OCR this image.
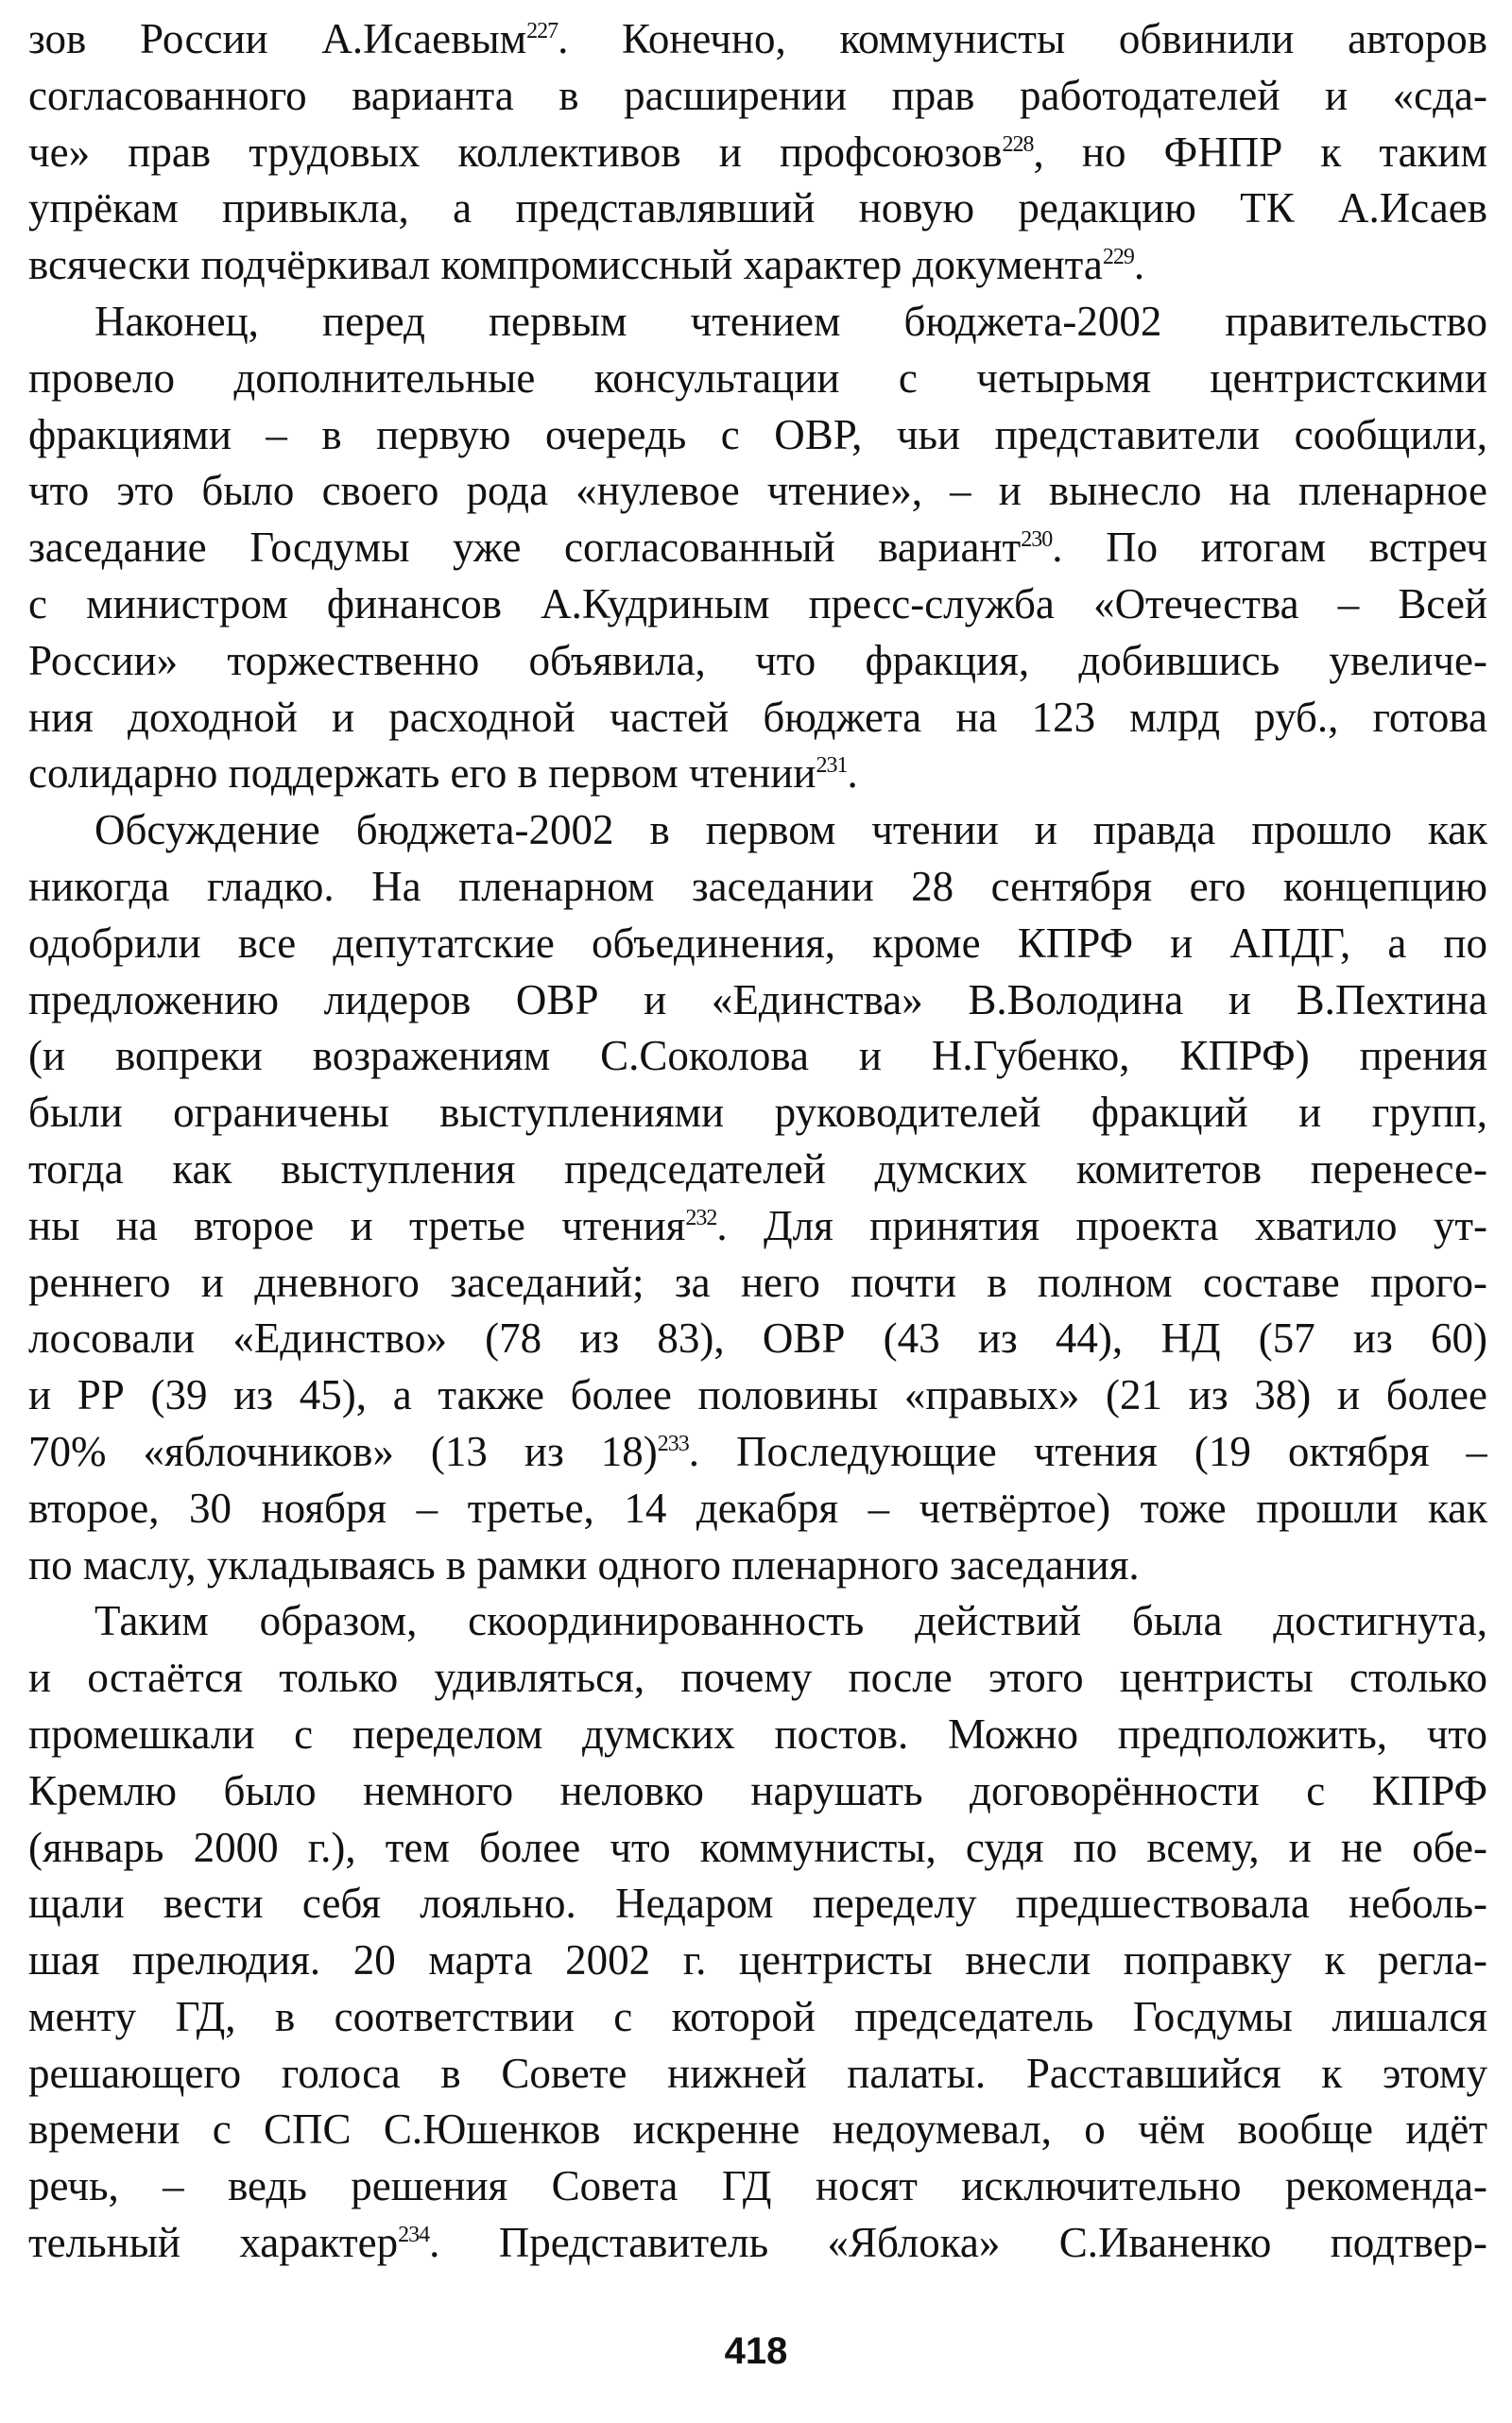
зов России А.Исаевым$^{227}$. Конечно, коммунисты обвинили авторов
согласованного варианта в расширении прав работодателей и «сда-
че» прав трудовых коллективов и профсоюзов$^{228}$, но ФНПР к таким
упрёкам привыкла, а представлявший новую редакцию ТК А.Исаев
всячески подчёркивал компромиссный характер документа$^{229}$.
Наконец, перед первым чтением бюджета-2002 правительство
провело дополнительные консультации с четырьмя центристскими
фракциями – в первую очередь с ОВР, чьи представители сообщили,
что это было своего рода «нулевое чтение», – и вынесло на пленарное
заседание Госдумы уже согласованный вариант$^{230}$. По итогам встреч
с министром финансов А.Кудриным пресс-служба «Отечества – Всей
России» торжественно объявила, что фракция, добившись увеличе-
ния доходной и расходной частей бюджета на 123 млрд руб., готова
солидарно поддержать его в первом чтении$^{231}$.
Обсуждение бюджета-2002 в первом чтении и правда прошло как
никогда гладко. На пленарном заседании 28 сентября его концепцию
одобрили все депутатские объединения, кроме КПРФ и АПДГ, а по
предложению лидеров ОВР и «Единства» В.Володина и В.Пехтина
(и вопреки возражениям С.Соколова и Н.Губенко, КПРФ) прения
были ограничены выступлениями руководителей фракций и групп,
тогда как выступления председателей думских комитетов перенесе-
ны на второе и третье чтения$^{232}$. Для принятия проекта хватило ут-
реннего и дневного заседаний; за него почти в полном составе прого-
лосовали «Единство» (78 из 83), ОВР (43 из 44), НД (57 из 60)
и РР (39 из 45), а также более половины «правых» (21 из 38) и более
70% «яблочников» (13 из 18)$^{233}$. Последующие чтения (19 октября –
второе, 30 ноября – третье, 14 декабря – четвёртое) тоже прошли как
по маслу, укладываясь в рамки одного пленарного заседания.
Таким образом, скоординированность действий была достигнута,
и остаётся только удивляться, почему после этого центристы столько
промешкали с переделом думских постов. Можно предположить, что
Кремлю было немного неловко нарушать договорённости с КПРФ
(январь 2000 г.), тем более что коммунисты, судя по всему, и не обе-
щали вести себя лояльно. Недаром переделу предшествовала неболь-
шая прелюдия. 20 марта 2002 г. центристы внесли поправку к регла-
менту ГД, в соответствии с которой председатель Госдумы лишался
решающего голоса в Совете нижней палаты. Расставшийся к этому
времени с СПС С.Юшенков искренне недоумевал, о чём вообще идёт
речь, – ведь решения Совета ГД носят исключительно рекоменда-
тельный характер$^{234}$. Представитель «Яблока» С.Иваненко подтвер-
418
